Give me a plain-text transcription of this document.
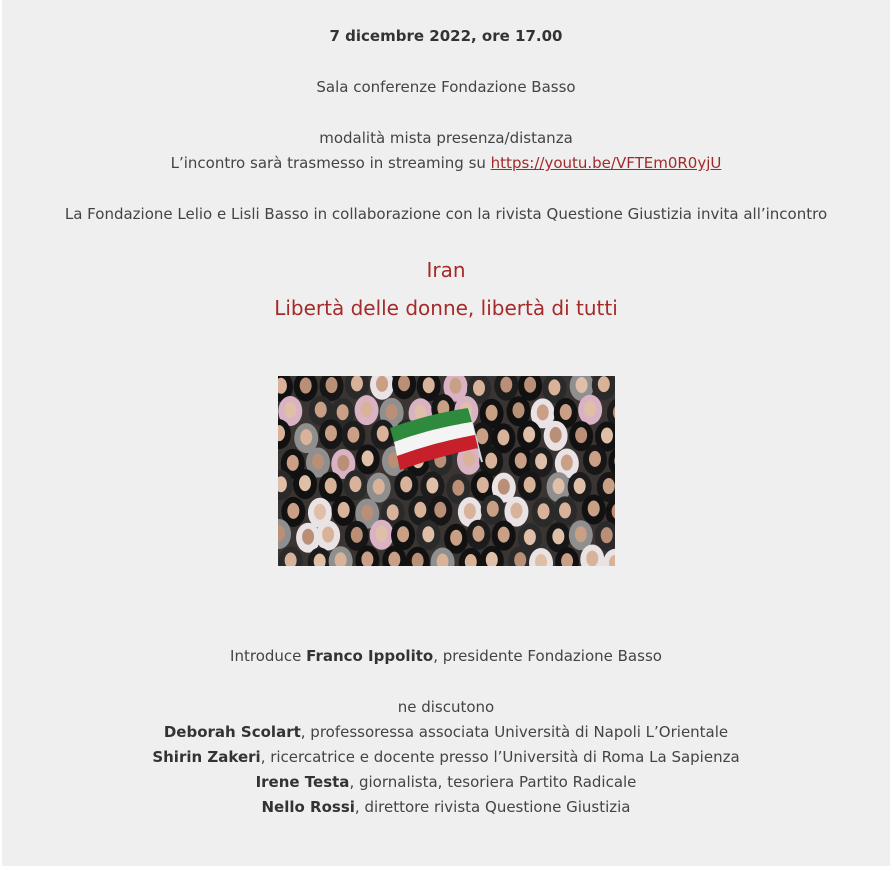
7 dicembre 2022, ore 17.00
Sala conferenze Fondazione Basso
modalità mista presenza/distanza
L’incontro sarà trasmesso in streaming su https://youtu.be/VFTEm0R0yjU
La Fondazione Lelio e Lisli Basso in collaborazione con la rivista Questione Giustizia invita all’incontro
Iran
Libertà delle donne, libertà di tutti
Introduce Franco Ippolito, presidente Fondazione Basso
ne discutono
Deborah Scolart, professoressa associata Università di Napoli L’Orientale
Shirin Zakeri, ricercatrice e docente presso l’Università di Roma La Sapienza
Irene Testa, giornalista, tesoriera Partito Radicale
Nello Rossi, direttore rivista Questione Giustizia
